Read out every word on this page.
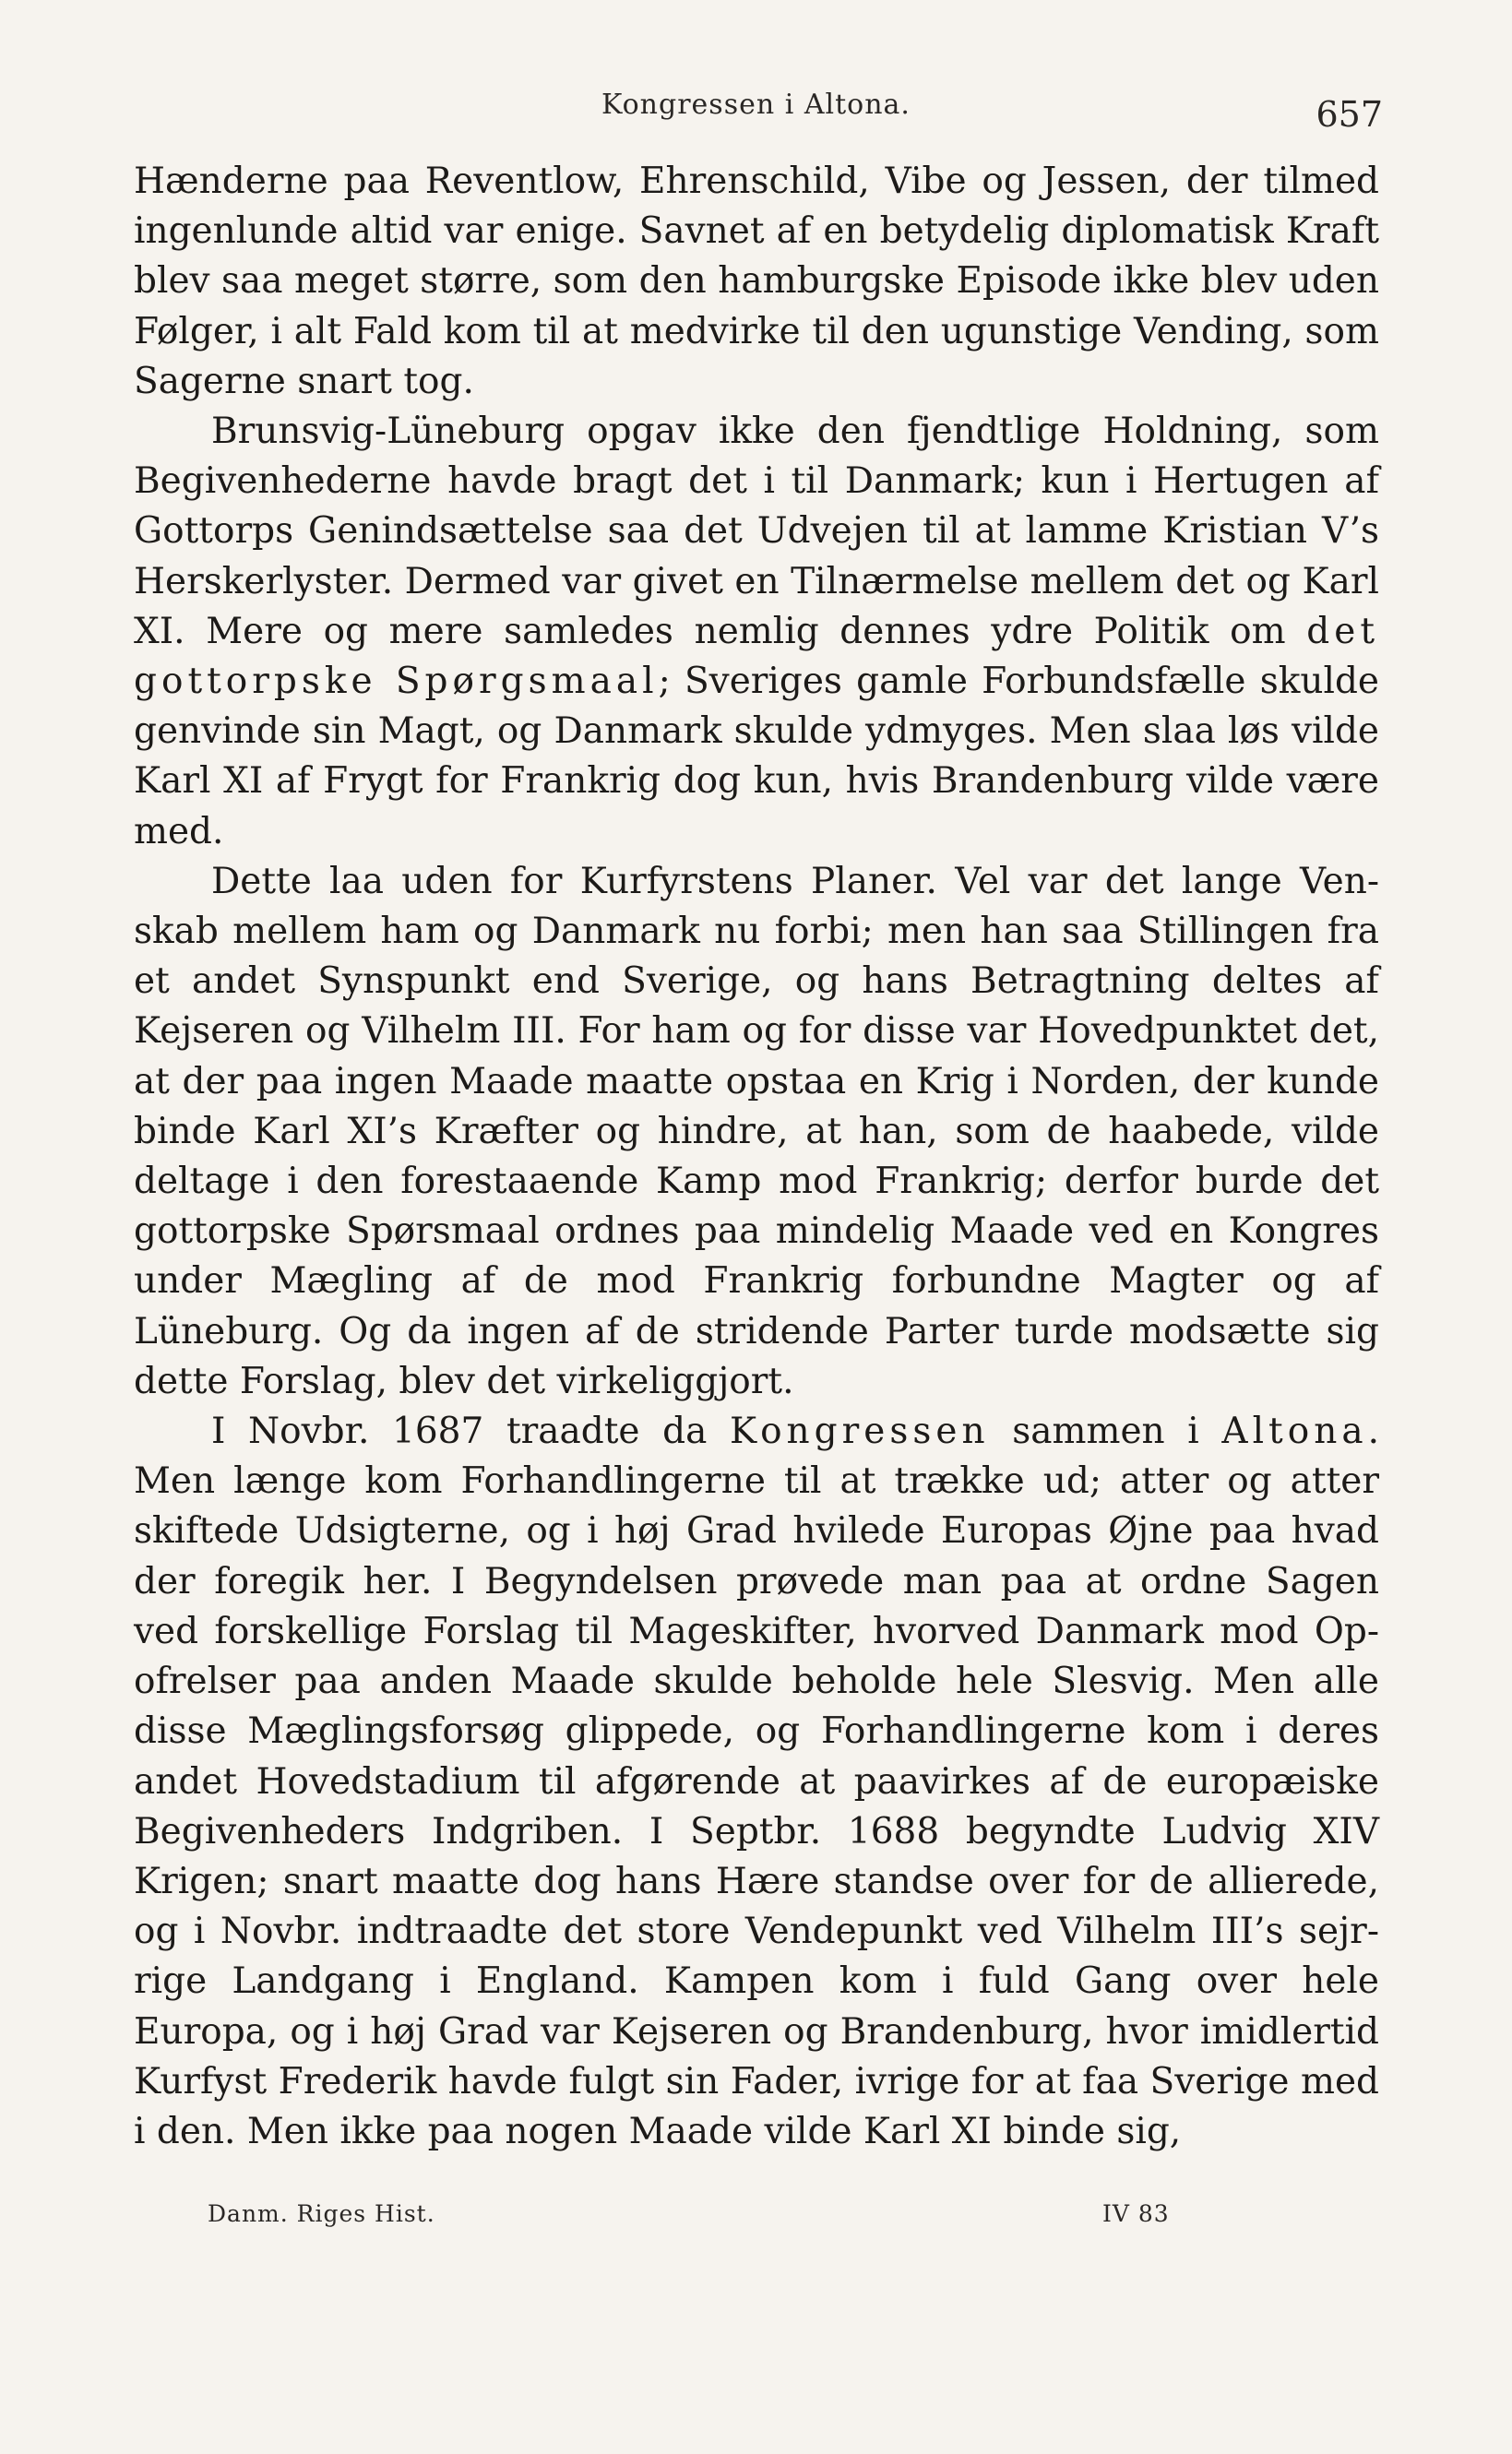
Kongressen i Altona.	657

Hænderne paa Reventlow, Ehrenschild, Vibe og Jessen, der tilmed ingenlunde altid var enige. Savnet af en betydelig diplomatisk Kraft blev saa meget større, som den hamburgske Episode ikke blev uden Følger, i alt Fald kom til at medvirke til den ugunstige Vending, som Sagerne snart tog.

Brunsvig-Lüneburg opgav ikke den fjendtlige Holdning, som Begivenhederne havde bragt det i til Danmark; kun i Hertugen af Gottorps Genindsættelse saa det Udvejen til at lamme Kristian V’s Herskerlyster. Dermed var givet en Tilnærmelse mellem det og Karl XI. Mere og mere samledes nemlig dennes ydre Politik om det gottorpske Spørgsmaal; Sveriges gamle Forbundsfælle skulde genvinde sin Magt, og Danmark skulde ydmyges. Men slaa løs vilde Karl XI af Frygt for Frankrig dog kun, hvis Brandenburg vilde være med.

Dette laa uden for Kurfyrstens Planer. Vel var det lange Venskab mellem ham og Danmark nu forbi; men han saa Stillingen fra et andet Synspunkt end Sverige, og hans Betragtning deltes af Kejseren og Vilhelm III. For ham og for disse var Hovedpunktet det, at der paa ingen Maade maatte opstaa en Krig i Norden, der kunde binde Karl XI’s Kræfter og hindre, at han, som de haabede, vilde deltage i den forestaaende Kamp mod Frankrig; derfor burde det gottorpske Spørsmaal ordnes paa mindelig Maade ved en Kongres under Mægling af de mod Frankrig forbundne Magter og af Lüneburg. Og da ingen af de stridende Parter turde modsætte sig dette Forslag, blev det virkeliggjort.

I Novbr. 1687 traadte da Kongressen sammen i Altona. Men længe kom Forhandlingerne til at trække ud; atter og atter skiftede Udsigterne, og i høj Grad hvilede Europas Øjne paa hvad der foregik her. I Begyndelsen prøvede man paa at ordne Sagen ved forskellige Forslag til Mageskifter, hvorved Danmark mod Opofrelser paa anden Maade skulde beholde hele Slesvig. Men alle disse Mæglingsforsøg glippede, og Forhandlingerne kom i deres andet Hovedstadium til afgørende at paavirkes af de europæiske Begivenheders Indgriben. I Septbr. 1688 begyndte Ludvig XIV Krigen; snart maatte dog hans Hære standse over for de allierede, og i Novbr. indtraadte det store Vendepunkt ved Vilhelm III’s sejrrige Landgang i England. Kampen kom i fuld Gang over hele Europa, og i høj Grad var Kejseren og Brandenburg, hvor imidlertid Kurfyst Frederik havde fulgt sin Fader, ivrige for at faa Sverige med i den. Men ikke paa nogen Maade vilde Karl XI binde sig,

Danm. Riges Hist.	IV 83
